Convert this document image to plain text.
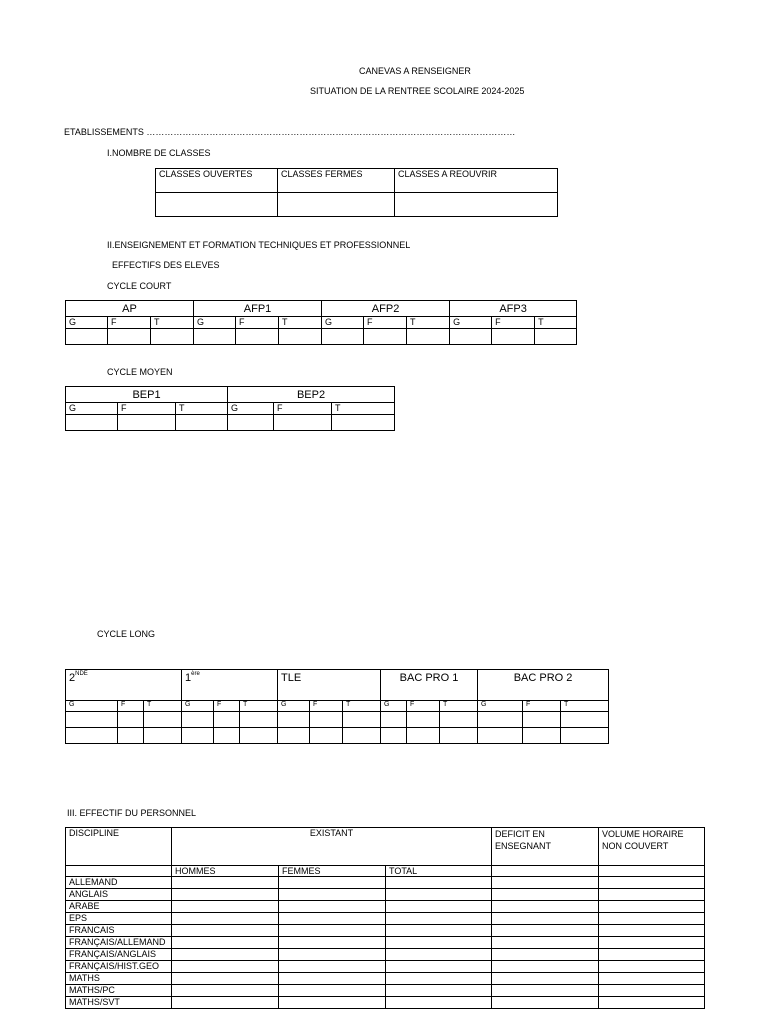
CANEVAS A RENSEIGNER
SITUATION DE LA RENTREE SCOLAIRE 2024-2025
ETABLISSEMENTS ……………………………………………………………………………………………………………
I.NOMBRE DE CLASSES
CLASSES OUVERTES	CLASSES FERMES	CLASSES A REOUVRIR

II.ENSEIGNEMENT ET FORMATION TECHNIQUES ET PROFESSIONNEL
EFFECTIFS DES ELEVES
CYCLE COURT
AP			AFP1			AFP2			AFP3		
G	F	T	G	F	T	G	F	T	G	F	T

CYCLE MOYEN
BEP1			BEP2		
G	F	T	G	F	T

CYCLE LONG
2NDE			1ère			TLE			BAC PRO 1			BAC PRO 2		
G	F	T	G	F	T	G	F	T	G	F	T	G	F	T

III. EFFECTIF DU PERSONNEL
DISCIPLINE	EXISTANT			DEFICIT EN ENSEGNANT	VOLUME HORAIRE NON COUVERT
	HOMMES	FEMMES	TOTAL		
ALLEMAND					
ANGLAIS					
ARABE					
EPS					
FRANCAIS					
FRANÇAIS/ALLEMAND					
FRANÇAIS/ANGLAIS					
FRANÇAIS/HIST.GEO					
MATHS					
MATHS/PC					
MATHS/SVT					
